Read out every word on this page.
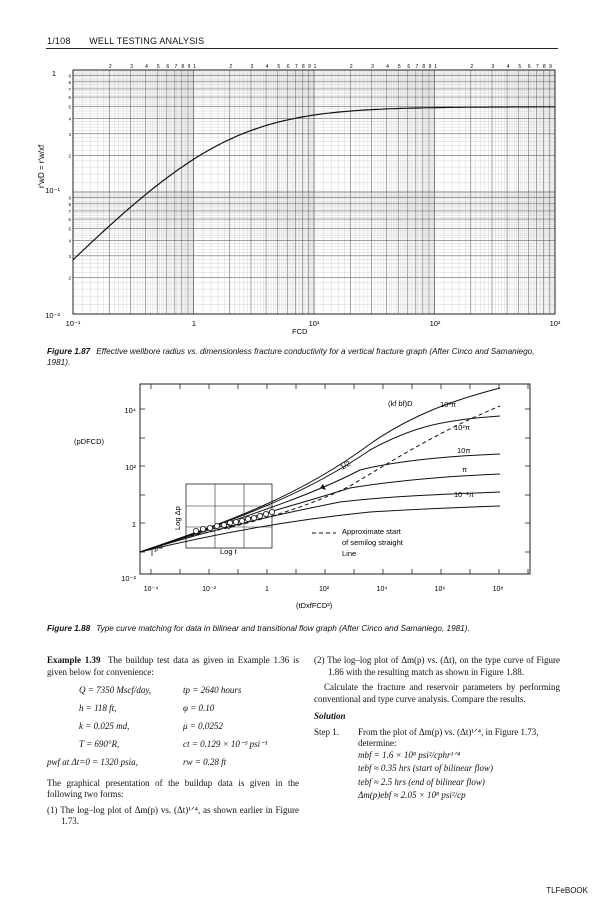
1/108 WELL TESTING ANALYSIS
2	3 4 5 6 7 8 9 1	2	3 4 5 6 7 8 9 1	2	3 4 5 6 7 8 9 1	2	3 4 5 6 7 8 9
9
8
7
6
5
4
3
2
9
8
7
6
5
4
3
2
r′wD = r′w/xf
FCD
1
10⁻¹
10⁻²
10⁻¹	1	10¹	10²	10³
Figure 1.87 Effective wellbore radius vs. dimensionless fracture conductivity for a vertical fracture graph (After Cinco and Samaniego, 1981).
10⁴
10²
1
10⁻²
(pDFCD)
10⁻⁴	10⁻²	1	10²	10⁴	10⁶	10⁸
(tDxfFCD²)
(kf bf)D	10³π
10²π
10π
π
10⁻¹π
1/2
1/4
Log Δp
Log t
Approximate start
of semilog straight
Line
Figure 1.88 Type curve matching for data in bilinear and transitional flow graph (After Cinco and Samaniego, 1981).

Example 1.39 The buildup test data as given in Example 1.36 is given below for convenience:

Q = 7350 Mscf/day,	tp = 2640 hours
h = 118 ft,	φ = 0.10
k = 0.025 md,	μ = 0.0252
T = 690°R,	ct = 0.129 × 10⁻³ psi⁻¹
pwf at Δt=0 = 1320 psia,	rw = 0.28 ft

The graphical presentation of the buildup data is given in the following two forms:

(1) The log–log plot of Δm(p) vs. (Δt)¹ᐟ⁴, as shown earlier in Figure 1.73.

(2) The log–log plot of Δm(p) vs. (Δt), on the type curve of Figure 1.86 with the resulting match as shown in Figure 1.88.

Calculate the fracture and reservoir parameters by performing conventional and type curve analysis. Compare the results.

Solution

Step 1. From the plot of Δm(p) vs. (Δt)¹ᐟ⁴, in Figure 1.73, determine:
mbf = 1.6 × 10⁸ psi²/cphr¹ᐟ⁴
tebf ≈ 0.35 hrs (start of bilinear flow)
tebf ≈ 2.5 hrs (end of bilinear flow)
Δm(p)ebf ≈ 2.05 × 10⁸ psi²/cp
TLFeBOOK
